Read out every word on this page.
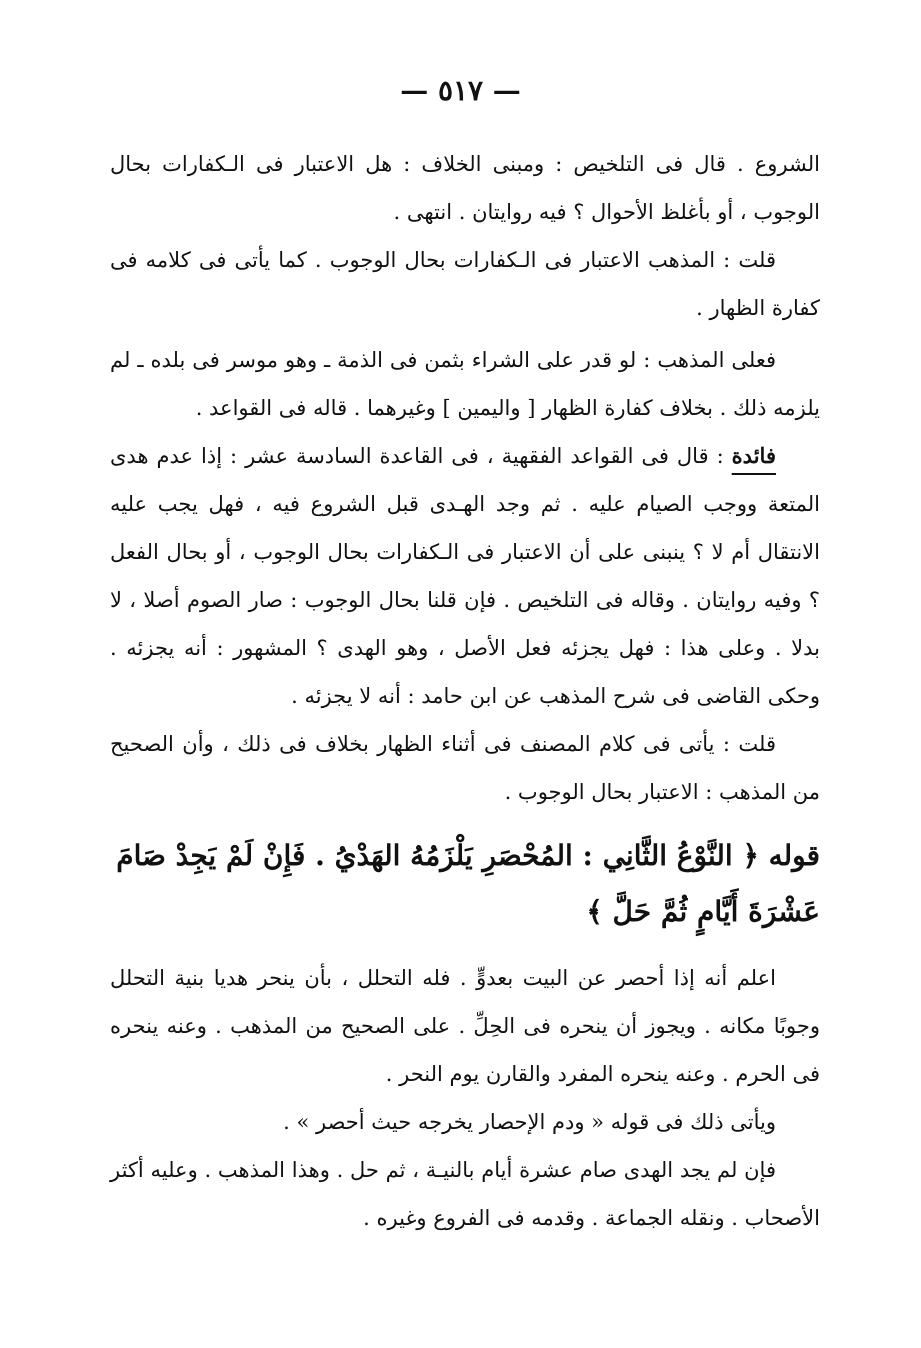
— ٥١٧ —

الشروع . قال فى التلخيص : ومبنى الخلاف : هل الاعتبار فى الـكفارات بحال الوجوب ، أو بأغلظ الأحوال ؟ فيه روايتان . انتهى .

قلت : المذهب الاعتبار فى الـكفارات بحال الوجوب . كما يأتى فى كلامه فى كفارة الظهار .

فعلى المذهب : لو قدر على الشراء بثمن فى الذمة ـ وهو موسر فى بلده ـ لم يلزمه ذلك . بخلاف كفارة الظهار [ واليمين ] وغيرهما . قاله فى القواعد .

فائدة : قال فى القواعد الفقهية ، فى القاعدة السادسة عشر : إذا عدم هدى المتعة ووجب الصيام عليه . ثم وجد الهـدى قبل الشروع فيه ، فهل يجب عليه الانتقال أم لا ؟ ينبنى على أن الاعتبار فى الـكفارات بحال الوجوب ، أو بحال الفعل ؟ وفيه روايتان . وقاله فى التلخيص . فإن قلنا بحال الوجوب : صار الصوم أصلا ، لا بدلا . وعلى هذا : فهل يجزئه فعل الأصل ، وهو الهدى ؟ المشهور : أنه يجزئه . وحكى القاضى فى شرح المذهب عن ابن حامد : أنه لا يجزئه .

قلت : يأتى فى كلام المصنف فى أثناء الظهار بخلاف فى ذلك ، وأن الصحيح من المذهب : الاعتبار بحال الوجوب .

قوله ﴿ النَّوْعُ الثَّانِي : المُحْصَرِ يَلْزَمُهُ الهَدْيُ . فَإِنْ لَمْ يَجِدْ صَامَ عَشْرَةَ أَيَّامٍ ثُمَّ حَلَّ ﴾

اعلم أنه إذا أحصر عن البيت بعدوٍّ . فله التحلل ، بأن ينحر هديا بنية التحلل وجوبًا مكانه . ويجوز أن ينحره فى الحِلِّ . على الصحيح من المذهب . وعنه ينحره فى الحرم . وعنه ينحره المفرد والقارن يوم النحر .

ويأتى ذلك فى قوله « ودم الإحصار يخرجه حيث أحصر » .

فإن لم يجد الهدى صام عشرة أيام بالنيـة ، ثم حل . وهذا المذهب . وعليه أكثر الأصحاب . ونقله الجماعة . وقدمه فى الفروع وغيره .
